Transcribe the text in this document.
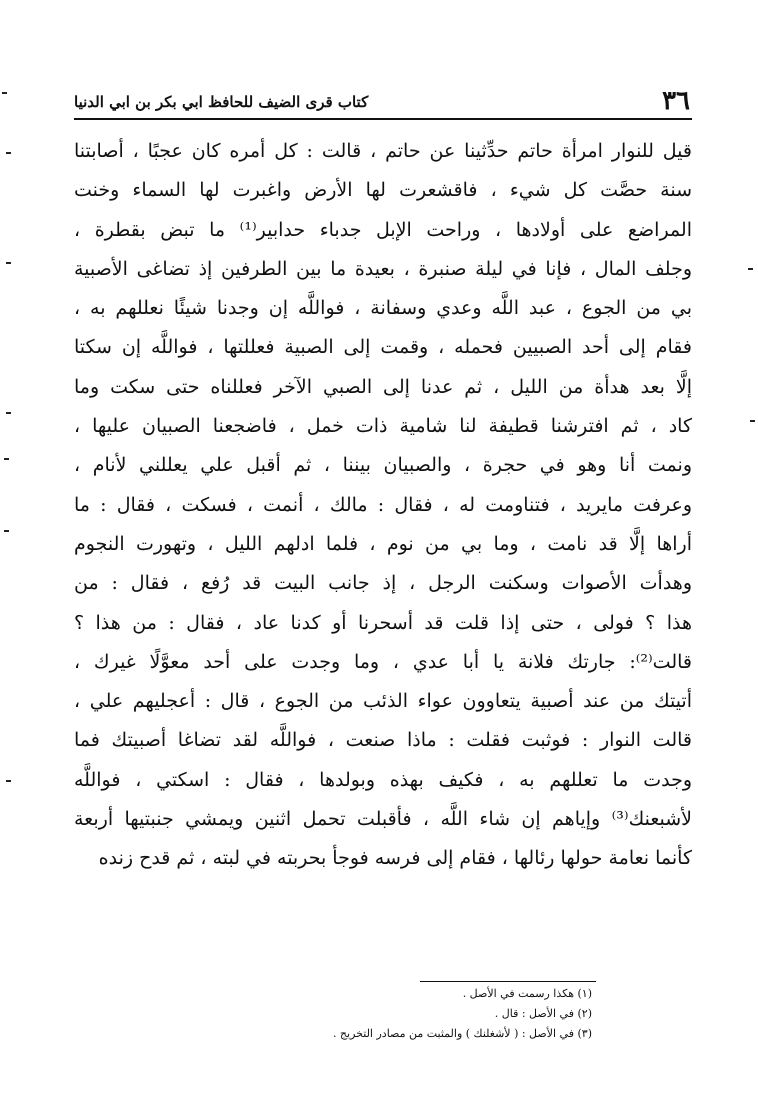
٣٦
كتاب قرى الضيف للحافظ ابي بكر بن ابي الدنيا
قيل للنوار امرأة حاتم حدِّثينا عن حاتم ، قالت : كل أمره كان عجبًا ، أصابتنا
سنة حصَّت كل شيء ، فاقشعرت لها الأرض واغبرت لها السماء وخنت
المراضع على أولادها ، وراحت الإبل جدباء حدابير⁽¹⁾ ما تبض بقطرة ،
وجلف المال ، فإنا في ليلة صنبرة ، بعيدة ما بين الطرفين إذ تضاغى الأصبية
بي من الجوع ، عبد اللَّه وعدي وسفانة ، فواللَّه إن وجدنا شيئًا نعللهم به ،
فقام إلى أحد الصبيين فحمله ، وقمت إلى الصبية فعللتها ، فواللَّه إن سكتا
إلَّا بعد هدأة من الليل ، ثم عدنا إلى الصبي الآخر فعللناه حتى سكت وما
كاد ، ثم افترشنا قطيفة لنا شامية ذات خمل ، فاضجعنا الصبيان عليها ،
ونمت أنا وهو في حجرة ، والصبيان بيننا ، ثم أقبل علي يعللني لأنام ،
وعرفت مايريد ، فتناومت له ، فقال : مالك ، أنمت ، فسكت ، فقال : ما
أراها إلَّا قد نامت ، وما بي من نوم ، فلما ادلهم الليل ، وتهورت النجوم
وهدأت الأصوات وسكنت الرجل ، إذ جانب البيت قد رُفع ، فقال : من
هذا ؟ فولى ، حتى إذا قلت قد أسحرنا أو كدنا عاد ، فقال : من هذا ؟
قالت⁽²⁾: جارتك فلانة يا أبا عدي ، وما وجدت على أحد معوَّلًا غيرك ،
أتيتك من عند أصبية يتعاوون عواء الذئب من الجوع ، قال : أعجليهم علي ،
قالت النوار : فوثبت فقلت : ماذا صنعت ، فواللَّه لقد تضاغا أصبيتك فما
وجدت ما تعللهم به ، فكيف بهذه وبولدها ، فقال : اسكتي ، فواللَّه
لأشبعنك⁽³⁾ وإياهم إن شاء اللَّه ، فأقبلت تحمل اثنين ويمشي جنبتيها أربعة
كأنما نعامة حولها رئالها ، فقام إلى فرسه فوجأ بحربته في لبته ، ثم قدح زنده
(١) هكذا رسمت في الأصل .
(٢) في الأصل : قال .
(٣) في الأصل : ( لأشغلنك ) والمثبت من مصادر التخريج .
